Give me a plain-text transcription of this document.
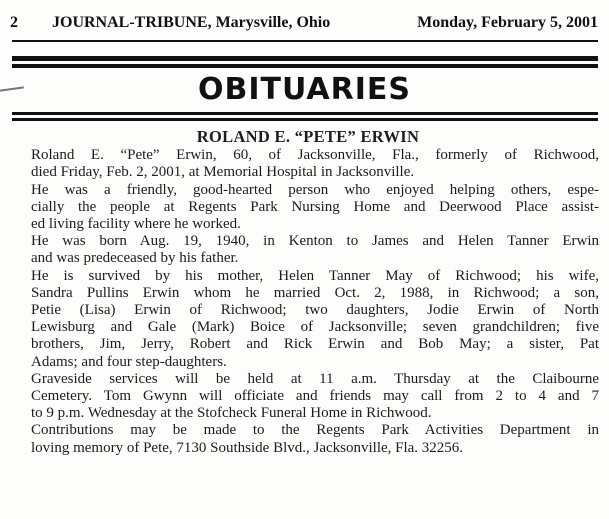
2 JOURNAL-TRIBUNE, Marysville, Ohio	Monday, February 5, 2001
OBITUARIES
ROLAND E. “PETE” ERWIN

Roland E. “Pete” Erwin, 60, of Jacksonville, Fla., formerly of Richwood,
died Friday, Feb. 2, 2001, at Memorial Hospital in Jacksonville.

He was a friendly, good-hearted person who enjoyed helping others, espe-
cially the people at Regents Park Nursing Home and Deerwood Place assist-
ed living facility where he worked.

He was born Aug. 19, 1940, in Kenton to James and Helen Tanner Erwin
and was predeceased by his father.

He is survived by his mother, Helen Tanner May of Richwood; his wife,
Sandra Pullins Erwin whom he married Oct. 2, 1988, in Richwood; a son,
Petie (Lisa) Erwin of Richwood; two daughters, Jodie Erwin of North
Lewisburg and Gale (Mark) Boice of Jacksonville; seven grandchildren; five
brothers, Jim, Jerry, Robert and Rick Erwin and Bob May; a sister, Pat
Adams; and four step-daughters.

Graveside services will be held at 11 a.m. Thursday at the Claibourne
Cemetery. Tom Gwynn will officiate and friends may call from 2 to 4 and 7
to 9 p.m. Wednesday at the Stofcheck Funeral Home in Richwood.

Contributions may be made to the Regents Park Activities Department in
loving memory of Pete, 7130 Southside Blvd., Jacksonville, Fla. 32256.
